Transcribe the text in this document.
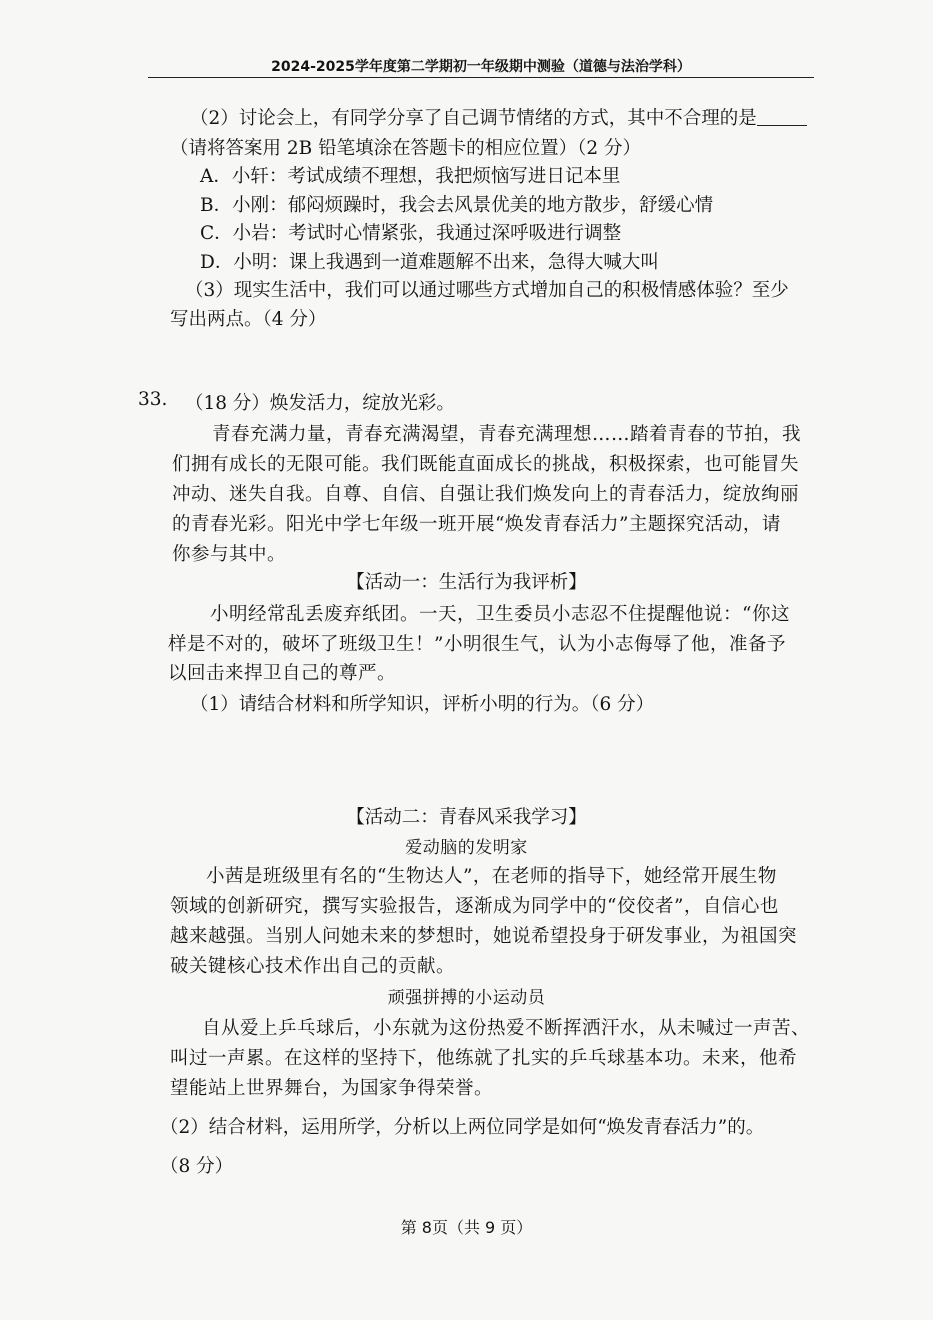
2024-2025学年度第二学期初一年级期中测验（道德与法治学科）
（2）讨论会上，有同学分享了自己调节情绪的方式，其中不合理的是
（请将答案用 2B 铅笔填涂在答题卡的相应位置）（2 分）
A．小轩：考试成绩不理想，我把烦恼写进日记本里
B．小刚：郁闷烦躁时，我会去风景优美的地方散步，舒缓心情
C．小岩：考试时心情紧张，我通过深呼吸进行调整
D．小明：课上我遇到一道难题解不出来，急得大喊大叫
（3）现实生活中，我们可以通过哪些方式增加自己的积极情感体验？至少
写出两点。（4 分）
33. （18 分）焕发活力，绽放光彩。
青春充满力量，青春充满渴望，青春充满理想……踏着青春的节拍，我
们拥有成长的无限可能。我们既能直面成长的挑战，积极探索，也可能冒失
冲动、迷失自我。自尊、自信、自强让我们焕发向上的青春活力，绽放绚丽
的青春光彩。阳光中学七年级一班开展“焕发青春活力”主题探究活动，请
你参与其中。
【活动一：生活行为我评析】
小明经常乱丢废弃纸团。一天，卫生委员小志忍不住提醒他说：“你这
样是不对的，破坏了班级卫生！”小明很生气，认为小志侮辱了他，准备予
以回击来捍卫自己的尊严。
（1）请结合材料和所学知识，评析小明的行为。（6 分）
【活动二：青春风采我学习】
爱动脑的发明家
小茜是班级里有名的“生物达人”，在老师的指导下，她经常开展生物
领域的创新研究，撰写实验报告，逐渐成为同学中的“佼佼者”，自信心也
越来越强。当别人问她未来的梦想时，她说希望投身于研发事业，为祖国突
破关键核心技术作出自己的贡献。
顽强拼搏的小运动员
自从爱上乒乓球后，小东就为这份热爱不断挥洒汗水，从未喊过一声苦、
叫过一声累。在这样的坚持下，他练就了扎实的乒乓球基本功。未来，他希
望能站上世界舞台，为国家争得荣誉。
（2）结合材料，运用所学，分析以上两位同学是如何“焕发青春活力”的。
（8 分）
第 8页（共 9 页）
